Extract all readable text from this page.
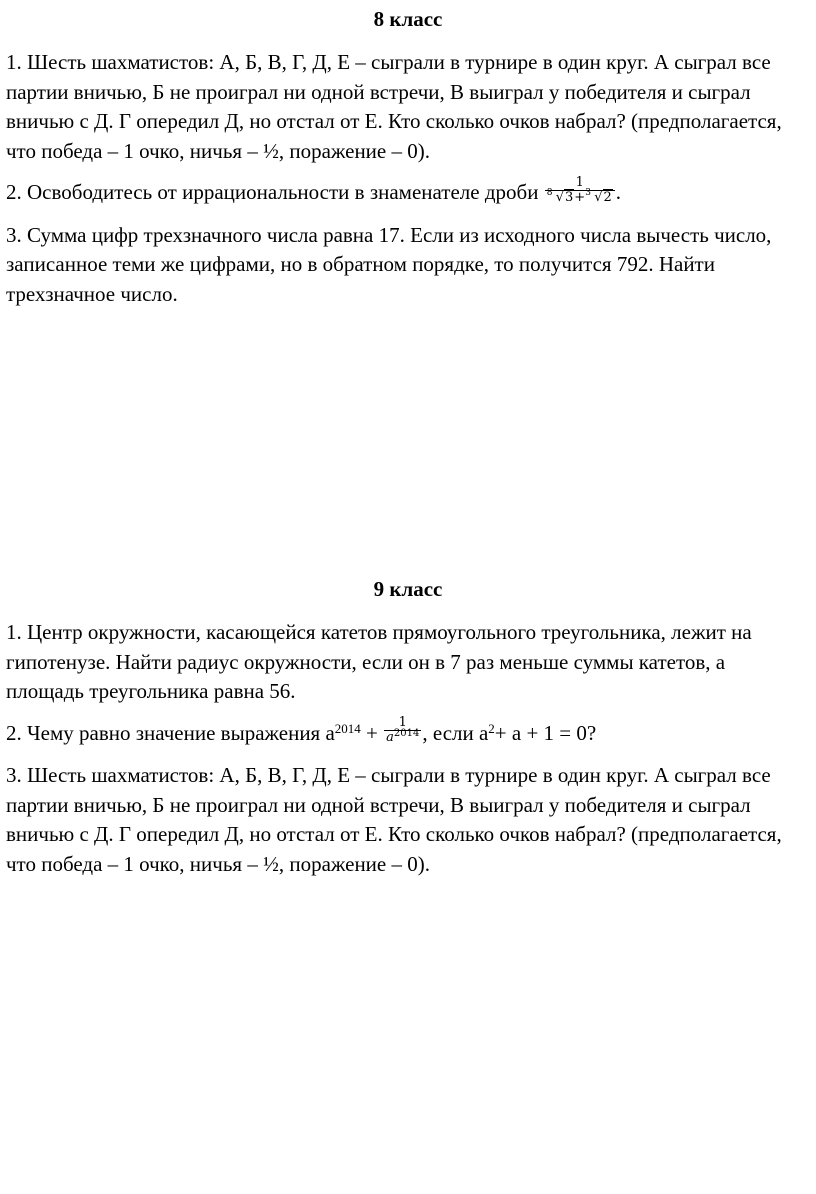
8 класс

1. Шесть шахматистов: А, Б, В, Г, Д, Е – сыграли в турнире в один круг. А сыграл все партии вничью, Б не проиграл ни одной встречи, В выиграл у победителя и сыграл вничью с Д. Г опередил Д, но отстал от Е. Кто сколько очков набрал? (предполагается, что победа – 1 очко, ничья – ½, поражение – 0).

2. Освободитесь от иррациональности в знаменателе дроби $\frac{1}{8 √3+ 3 √2}$ .

3. Сумма цифр трехзначного числа равна 17. Если из исходного числа вычесть число, записанное теми же цифрами, но в обратном порядке, то получится 792. Найти трехзначное число.

9 класс

1. Центр окружности, касающейся катетов прямоугольного треугольника, лежит на гипотенузе. Найти радиус окружности, если он в 7 раз меньше суммы катетов, а площадь треугольника равна 56.

2. Чему равно значение выражения $a^{2014} + \frac{1}{a^{2014}}$ , если $a^2+ a + 1 = 0$?

3. Шесть шахматистов: А, Б, В, Г, Д, Е – сыграли в турнире в один круг. А сыграл все партии вничью, Б не проиграл ни одной встречи, В выиграл у победителя и сыграл вничью с Д. Г опередил Д, но отстал от Е. Кто сколько очков набрал? (предполагается, что победа – 1 очко, ничья – ½, поражение – 0).
